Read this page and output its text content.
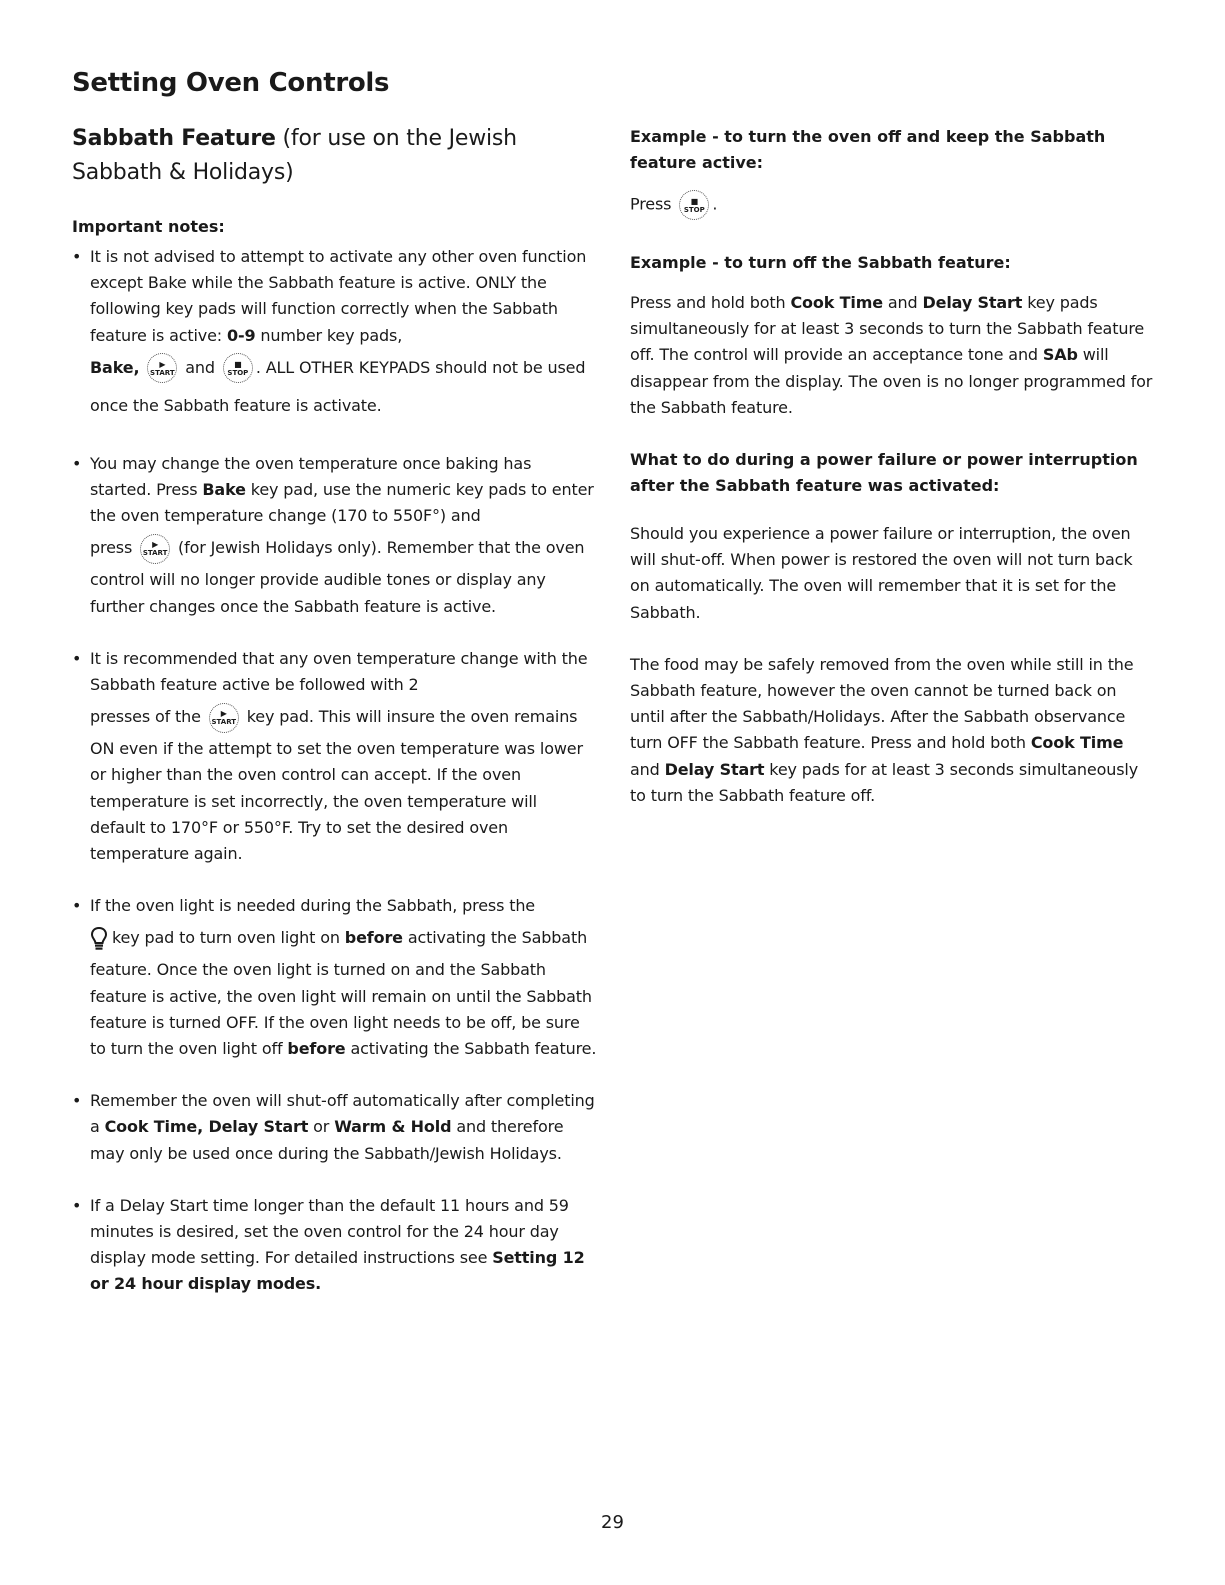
Setting Oven Controls
Sabbath Feature (for use on the Jewish Sabbath & Holidays)

Important notes:

• It is not advised to attempt to activate any other oven function except Bake while the Sabbath feature is active. ONLY the following key pads will function correctly when the Sabbath feature is active: 0-9 number key pads,
Bake, ▶
START and ■
STOP . ALL OTHER KEYPADS should not be used once the Sabbath feature is activate.
• You may change the oven temperature once baking has started. Press Bake key pad, use the numeric key pads to enter the oven temperature change (170 to 550F°) and
press ▶
START (for Jewish Holidays only). Remember that the oven control will no longer provide audible tones or display any further changes once the Sabbath feature is active.
• It is recommended that any oven temperature change with the Sabbath feature active be followed with 2
presses of the ▶
START key pad. This will insure the oven remains ON even if the attempt to set the oven temperature was lower or higher than the oven control can accept. If the oven temperature is set incorrectly, the oven temperature will default to 170°F or 550°F. Try to set the desired oven temperature again.
• If the oven light is needed during the Sabbath, press the
key pad to turn oven light on before activating the Sabbath feature. Once the oven light is turned on and the Sabbath feature is active, the oven light will remain on until the Sabbath feature is turned OFF. If the oven light needs to be off, be sure to turn the oven light off before activating the Sabbath feature.
• Remember the oven will shut-off automatically after completing a Cook Time, Delay Start or Warm & Hold and therefore may only be used once during the Sabbath/Jewish Holidays.
• If a Delay Start time longer than the default 11 hours and 59 minutes is desired, set the oven control for the 24 hour day display mode setting. For detailed instructions see Setting 12 or 24 hour display modes.

Example - to turn the oven off and keep the Sabbath feature active:

Press ■
STOP .

Example - to turn off the Sabbath feature:

Press and hold both Cook Time and Delay Start key pads simultaneously for at least 3 seconds to turn the Sabbath feature off. The control will provide an acceptance tone and SAb will disappear from the display. The oven is no longer programmed for the Sabbath feature.

What to do during a power failure or power interruption after the Sabbath feature was activated:

Should you experience a power failure or interruption, the oven will shut-off. When power is restored the oven will not turn back on automatically. The oven will remember that it is set for the Sabbath.

The food may be safely removed from the oven while still in the Sabbath feature, however the oven cannot be turned back on until after the Sabbath/Holidays. After the Sabbath observance turn OFF the Sabbath feature. Press and hold both Cook Time and Delay Start key pads for at least 3 seconds simultaneously to turn the Sabbath feature off.

29
